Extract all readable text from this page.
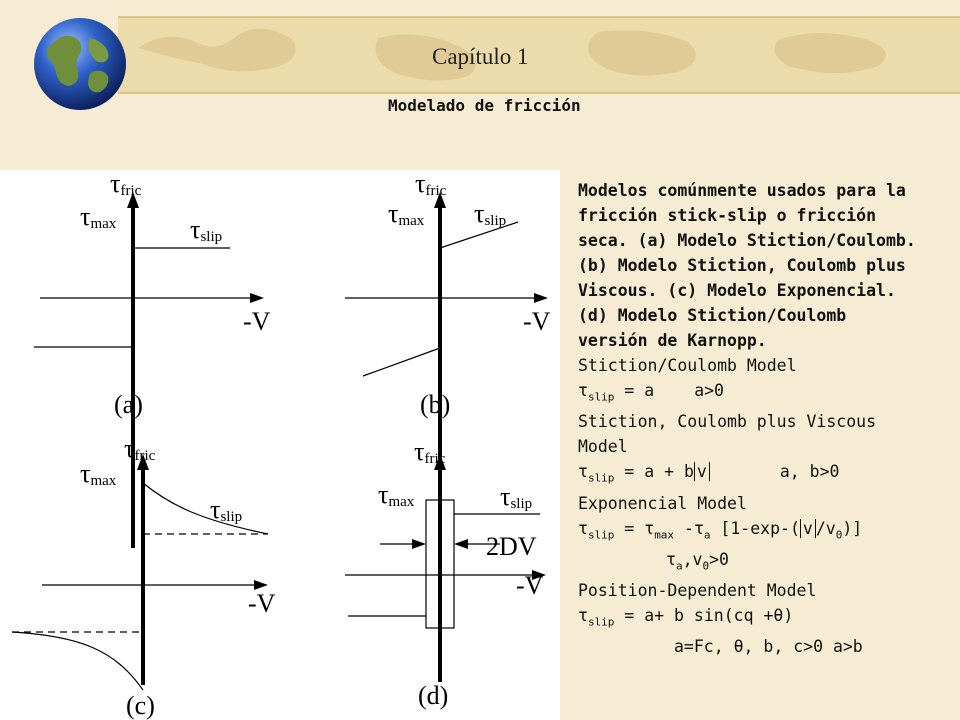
Capítulo 1
Modelado de fricción
τfric
τmax	τslip
-V
(a)
τfric
τmax τslip
-V
(b)
τfric
τmax
τslip
-V
(c)
τfric
τmax	τslip
2DV
-V
(d)
Modelos comúnmente usados para la fricción stick-slip o fricción seca. (a) Modelo Stiction/Coulomb. (b) Modelo Stiction, Coulomb plus Viscous. (c) Modelo Exponencial. (d) Modelo Stiction/Coulomb versión de Karnopp.
Stiction/Coulomb Model
$\tau_{slip} = a$ a>0
Stiction, Coulomb plus Viscous Model
$\tau_{slip} = a + b$ v	a, b>0
Exponencial Model
$\tau_{slip} = \tau_{max}$ $-\tau_a$ [1-exp-( v $/v_0$)]
$\tau_a,v_0>0$
Position-Dependent Model
$\tau_{slip} = a+ b$ sin(cq +θ)
a=Fc, θ, b, c>0 a>b
